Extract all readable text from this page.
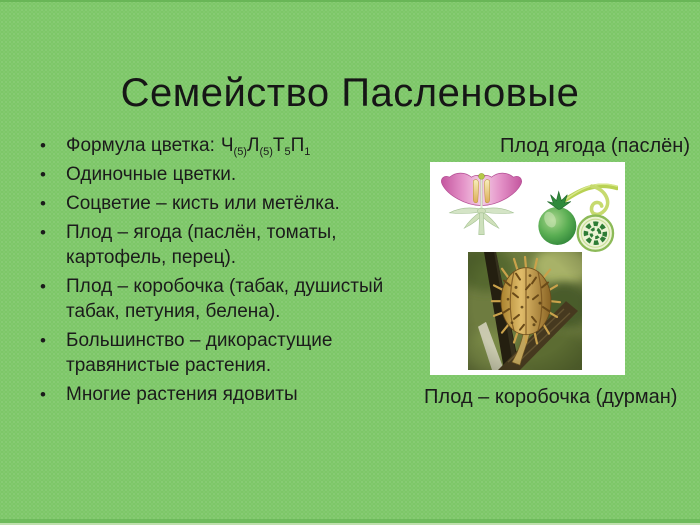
Семейство Пасленовые
• Формула цветка: $Ч_{(5)}Л_{(5)}Т_5П_1$
• Одиночные цветки.
• Соцветие – кисть или метёлка.
• Плод – ягода (паслён, томаты, картофель, перец).
• Плод – коробочка (табак, душистый табак, петуния, белена).
• Большинство – дикорастущие травянистые растения.
• Многие растения ядовиты
Плод ягода (паслён)
Плод – коробочка (дурман)
